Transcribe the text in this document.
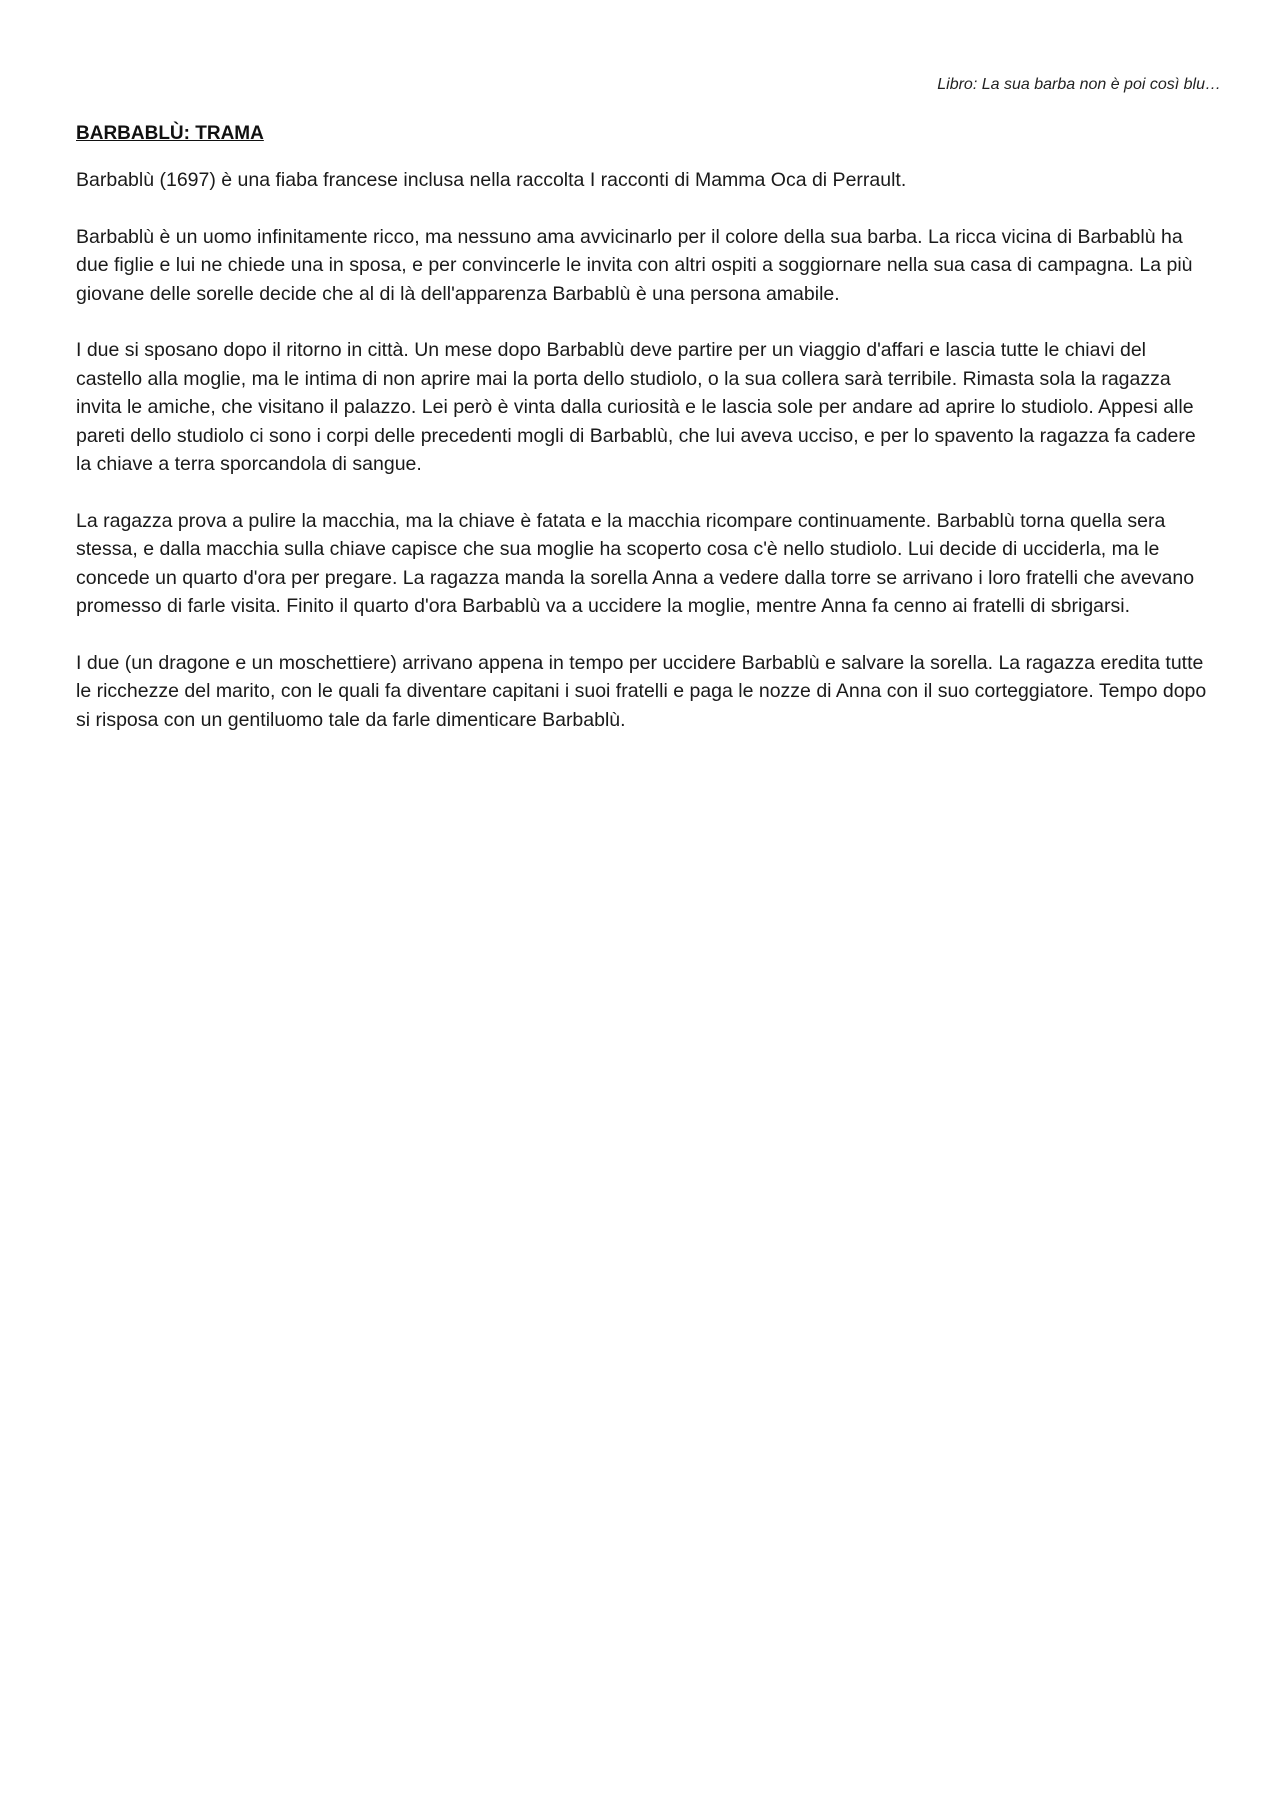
Libro: La sua barba non è poi così blu…
BARBABLÙ: TRAMA

Barbablù (1697) è una fiaba francese inclusa nella raccolta I racconti di Mamma Oca di Perrault.

Barbablù è un uomo infinitamente ricco, ma nessuno ama avvicinarlo per il colore della sua barba. La ricca vicina di Barbablù ha due figlie e lui ne chiede una in sposa, e per convincerle le invita con altri ospiti a soggiornare nella sua casa di campagna. La più giovane delle sorelle decide che al di là dell'apparenza Barbablù è una persona amabile.

I due si sposano dopo il ritorno in città. Un mese dopo Barbablù deve partire per un viaggio d'affari e lascia tutte le chiavi del castello alla moglie, ma le intima di non aprire mai la porta dello studiolo, o la sua collera sarà terribile. Rimasta sola la ragazza invita le amiche, che visitano il palazzo. Lei però è vinta dalla curiosità e le lascia sole per andare ad aprire lo studiolo. Appesi alle pareti dello studiolo ci sono i corpi delle precedenti mogli di Barbablù, che lui aveva ucciso, e per lo spavento la ragazza fa cadere la chiave a terra sporcandola di sangue.

La ragazza prova a pulire la macchia, ma la chiave è fatata e la macchia ricompare continuamente. Barbablù torna quella sera stessa, e dalla macchia sulla chiave capisce che sua moglie ha scoperto cosa c'è nello studiolo. Lui decide di ucciderla, ma le concede un quarto d'ora per pregare. La ragazza manda la sorella Anna a vedere dalla torre se arrivano i loro fratelli che avevano promesso di farle visita. Finito il quarto d'ora Barbablù va a uccidere la moglie, mentre Anna fa cenno ai fratelli di sbrigarsi.

I due (un dragone e un moschettiere) arrivano appena in tempo per uccidere Barbablù e salvare la sorella. La ragazza eredita tutte le ricchezze del marito, con le quali fa diventare capitani i suoi fratelli e paga le nozze di Anna con il suo corteggiatore. Tempo dopo si risposa con un gentiluomo tale da farle dimenticare Barbablù.
